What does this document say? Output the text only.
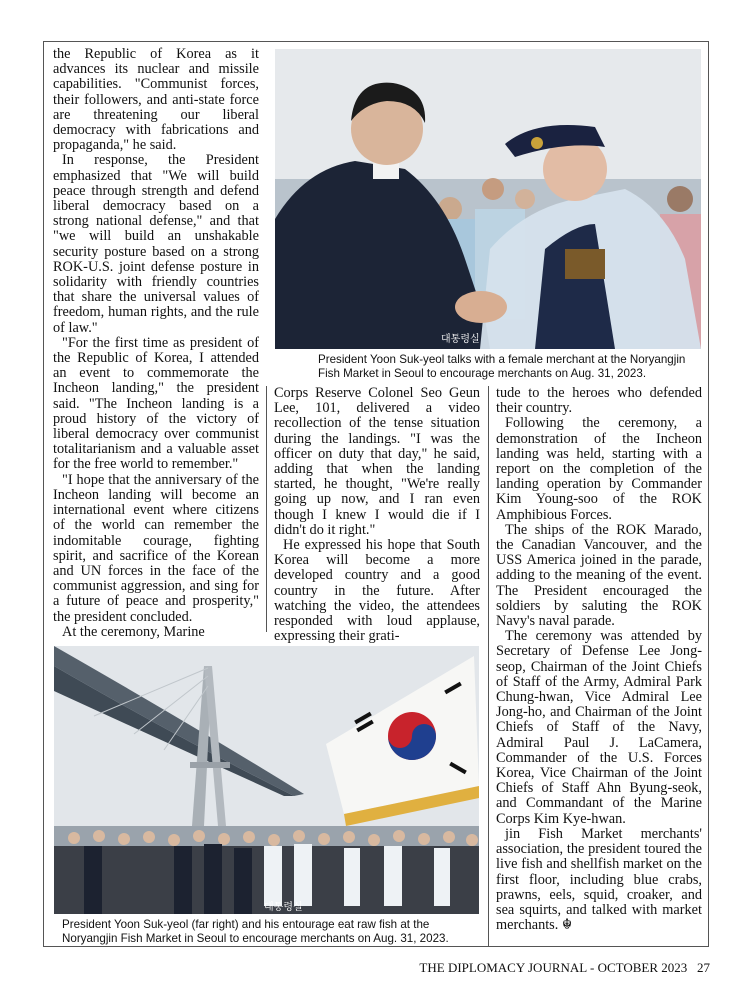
the Republic of Korea as it advances its nuclear and missile capabilities. "Communist forces, their followers, and anti-state force are threatening our liberal democracy with fabrications and propaganda," he said.

In response, the President emphasized that "We will build peace through strength and defend liberal democracy based on a strong national defense," and that "we will build an unshakable security posture based on a strong ROK-U.S. joint defense posture in solidarity with friendly countries that share the universal values of freedom, human rights, and the rule of law."

"For the first time as president of the Republic of Korea, I attended an event to commemorate the Incheon landing," the president said. "The Incheon landing is a proud history of the victory of liberal democracy over communist totalitarianism and a valuable asset for the free world to remember."

"I hope that the anniversary of the Incheon landing will become an international event where citizens of the world can remember the indomitable courage, fighting spirit, and sacrifice of the Korean and UN forces in the face of the communist aggression, and sing for a future of peace and prosperity," the president concluded.

At the ceremony, Marine

대통령실
President Yoon Suk-yeol talks with a female merchant at the Noryangjin Fish Market in Seoul to encourage merchants on Aug. 31, 2023.

Corps Reserve Colonel Seo Geun Lee, 101, delivered a video recollection of the tense situation during the landings. "I was the officer on duty that day," he said, adding that when the landing started, he thought, "We're really going up now, and I ran even though I knew I would die if I didn't do it right."

He expressed his hope that South Korea will become a more developed country and a good country in the future. After watching the video, the attendees responded with loud applause, expressing their grati-

tude to the heroes who defended their country.

Following the ceremony, a demonstration of the Incheon landing was held, starting with a report on the completion of the landing operation by Commander Kim Young-soo of the ROK Amphibious Forces.

The ships of the ROK Marado, the Canadian Vancouver, and the USS America joined in the parade, adding to the meaning of the event. The President encouraged the soldiers by saluting the ROK Navy's naval parade.

The ceremony was attended by Secretary of Defense Lee Jong-seop, Chairman of the Joint Chiefs of Staff of the Army, Admiral Park Chung-hwan, Vice Admiral Lee Jong-ho, and Chairman of the Joint Chiefs of Staff of the Navy, Admiral Paul J. LaCamera, Commander of the U.S. Forces Korea, Vice Chairman of the Joint Chiefs of Staff Ahn Byung-seok, and Commandant of the Marine Corps Kim Kye-hwan.

jin Fish Market merchants' association, the president toured the live fish and shellfish market on the first floor, including blue crabs, prawns, eels, squid, croaker, and sea squirts, and talked with market merchants. ☬

대통령실
President Yoon Suk-yeol (far right) and his entourage eat raw fish at the Noryangjin Fish Market in Seoul to encourage merchants on Aug. 31, 2023.
THE DIPLOMACY JOURNAL - OCTOBER 2023 27
